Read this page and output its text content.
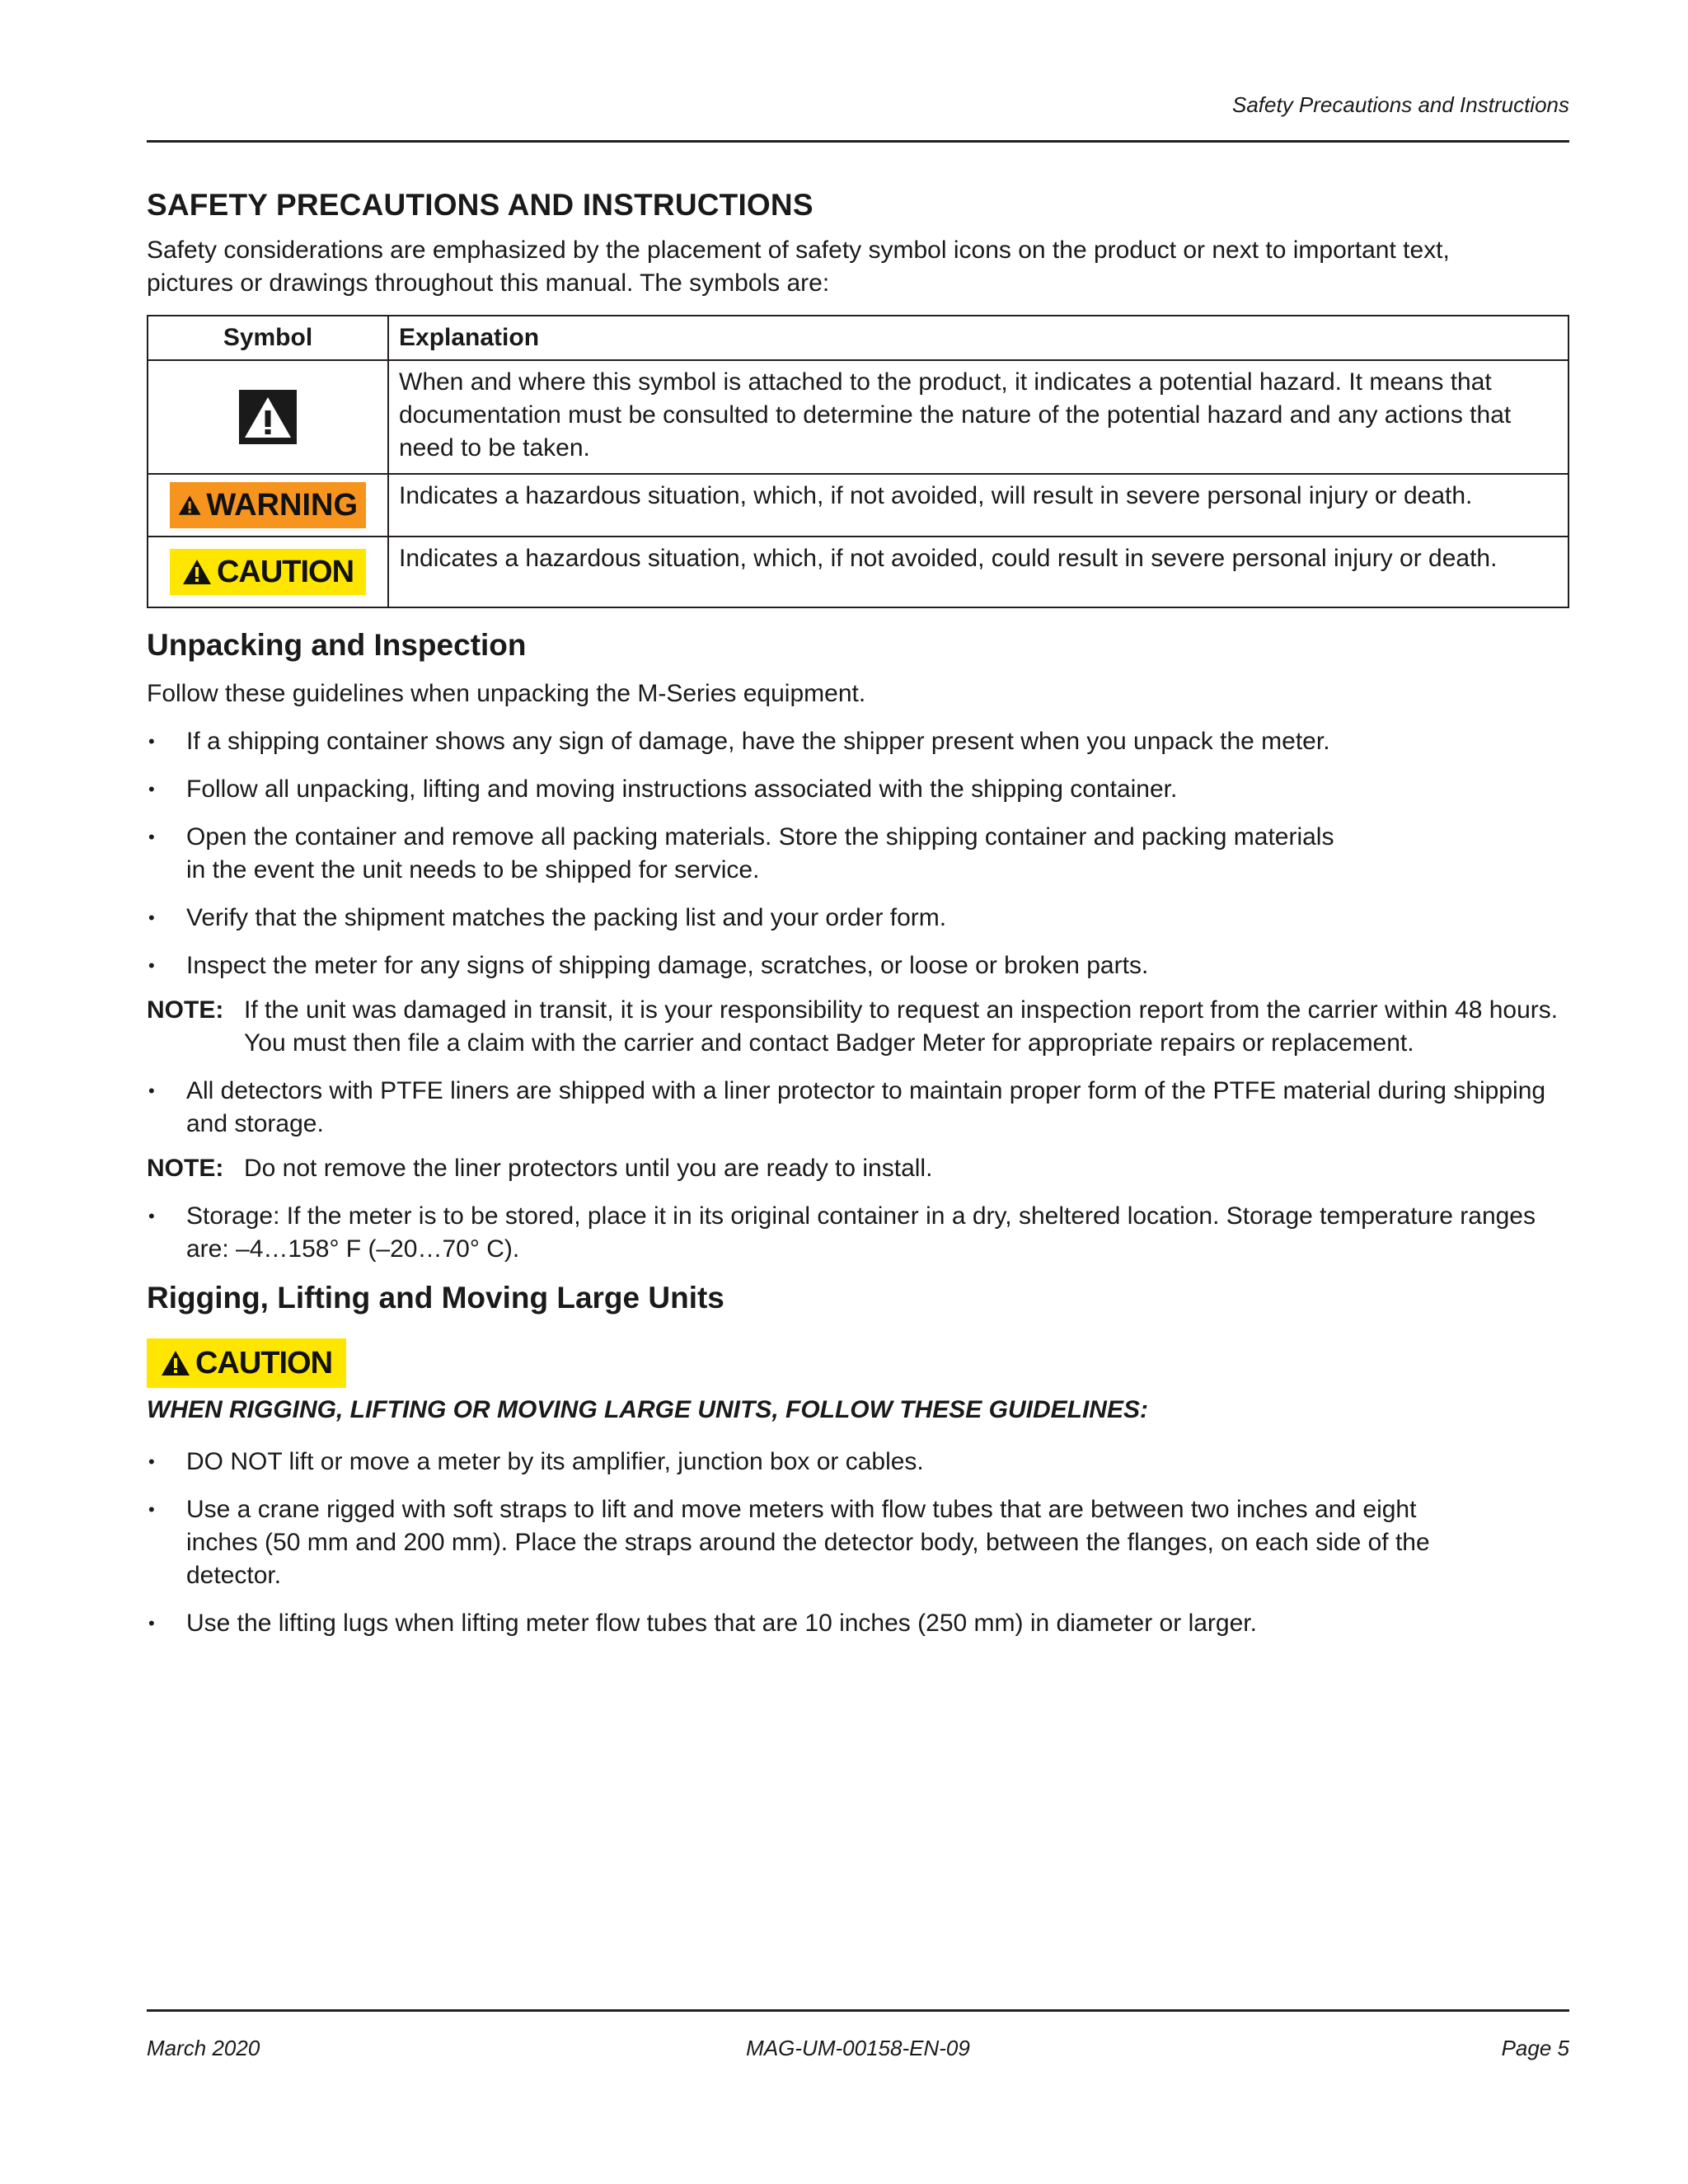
Safety Precautions and Instructions
SAFETY PRECAUTIONS AND INSTRUCTIONS

Safety considerations are emphasized by the placement of safety symbol icons on the product or next to important text, pictures or drawings throughout this manual. The symbols are:

Symbol	Explanation
	When and where this symbol is attached to the product, it indicates a potential hazard. It means that documentation must be consulted to determine the nature of the potential hazard and any actions that need to be taken.

WARNING	Indicates a hazardous situation, which, if not avoided, will result in severe personal injury or death.

CAUTION	Indicates a hazardous situation, which, if not avoided, could result in severe personal injury or death.
Unpacking and Inspection

Follow these guidelines when unpacking the M-Series equipment.

• If a shipping container shows any sign of damage, have the shipper present when you unpack the meter.
• Follow all unpacking, lifting and moving instructions associated with the shipping container.
• Open the container and remove all packing materials. Store the shipping container and packing materials in the event the unit needs to be shipped for service.
• Verify that the shipment matches the packing list and your order form.
• Inspect the meter for any signs of shipping damage, scratches, or loose or broken parts.
NOTE: If the unit was damaged in transit, it is your responsibility to request an inspection report from the carrier within 48 hours. You must then file a claim with the carrier and contact Badger Meter for appropriate repairs or replacement.
• All detectors with PTFE liners are shipped with a liner protector to maintain proper form of the PTFE material during shipping and storage.
NOTE: Do not remove the liner protectors until you are ready to install.
• Storage: If the meter is to be stored, place it in its original container in a dry, sheltered location. Storage temperature ranges are: –4…158° F (–20…70° C).
Rigging, Lifting and Moving Large Units
CAUTION
WHEN RIGGING, LIFTING OR MOVING LARGE UNITS, FOLLOW THESE GUIDELINES:
• DO NOT lift or move a meter by its amplifier, junction box or cables.
• Use a crane rigged with soft straps to lift and move meters with flow tubes that are between two inches and eight inches (50 mm and 200 mm). Place the straps around the detector body, between the flanges, on each side of the detector.
• Use the lifting lugs when lifting meter flow tubes that are 10 inches (250 mm) in diameter or larger.
March 2020	MAG-UM-00158-EN-09	Page 5
